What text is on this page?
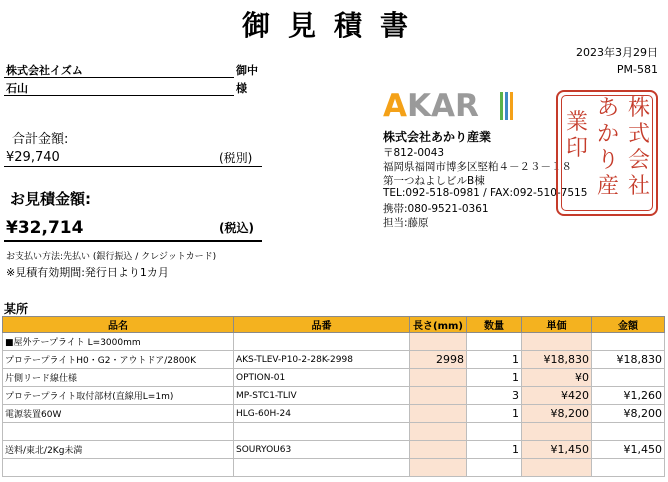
御見積書
2023年3月29日
PM-581
株式会社イズム	御中
石山	様
合計金額:
¥29,740	(税別)
お見積金額:
¥32,714	(税込)
お支払い方法:先払い (銀行振込 / クレジットカード)
※見積有効期間:発行日より1カ月
AKAR
株式会社あかり産業
〒812-0043
福岡県福岡市博多区堅粕４－２３－１８
第一つねよしビルB棟
TEL:092-518-0981 / FAX:092-510-7515
携帯:080-9521-0361
担当:藤原
株
式
会
社
あ
か
り
産
業
印
某所
品名	品番	長さ(mm)	数量	単価	金額
■屋外テープライト L=3000mm					
プロテープライトH0・G2・アウトドア/2800K	AKS-TLEV-P10-2-28K-2998	2998	1	¥18,830	¥18,830
片側リード線仕様	OPTION-01		1	¥0	
プロテープライト取付部材(直線用L=1m)	MP-STC1-TLIV		3	¥420	¥1,260
電源装置60W	HLG-60H-24		1	¥8,200	¥8,200

送料/東北/2Kg未満	SOURYOU63		1	¥1,450	¥1,450
